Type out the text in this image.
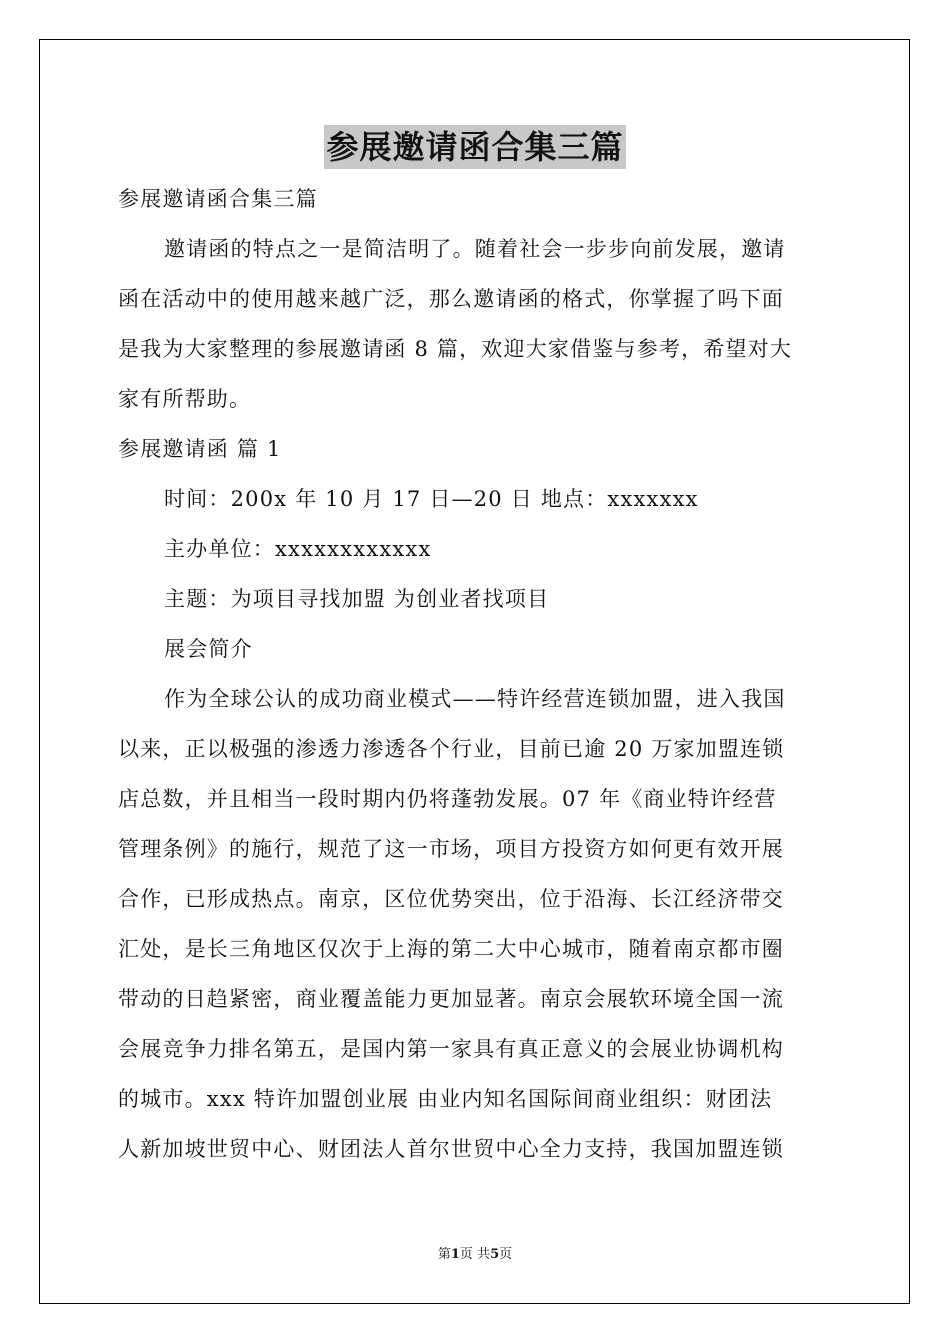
参展邀请函合集三篇
参展邀请函合集三篇
邀请函的特点之一是简洁明了。随着社会一步步向前发展，邀请
函在活动中的使用越来越广泛，那么邀请函的格式，你掌握了吗下面
是我为大家整理的参展邀请函 8 篇，欢迎大家借鉴与参考，希望对大
家有所帮助。
参展邀请函 篇 1
时间：200x 年 10 月 17 日—20 日 地点：xxxxxxx
主办单位：xxxxxxxxxxxx
主题：为项目寻找加盟 为创业者找项目
展会简介
作为全球公认的成功商业模式——特许经营连锁加盟，进入我国
以来，正以极强的渗透力渗透各个行业，目前已逾 20 万家加盟连锁
店总数，并且相当一段时期内仍将蓬勃发展。07 年《商业特许经营
管理条例》的施行，规范了这一市场，项目方投资方如何更有效开展
合作，已形成热点。南京，区位优势突出，位于沿海、长江经济带交
汇处，是长三角地区仅次于上海的第二大中心城市，随着南京都市圈
带动的日趋紧密，商业覆盖能力更加显著。南京会展软环境全国一流
会展竞争力排名第五，是国内第一家具有真正意义的会展业协调机构
的城市。xxx 特许加盟创业展 由业内知名国际间商业组织：财团法
人新加坡世贸中心、财团法人首尔世贸中心全力支持，我国加盟连锁
第1页 共5页
